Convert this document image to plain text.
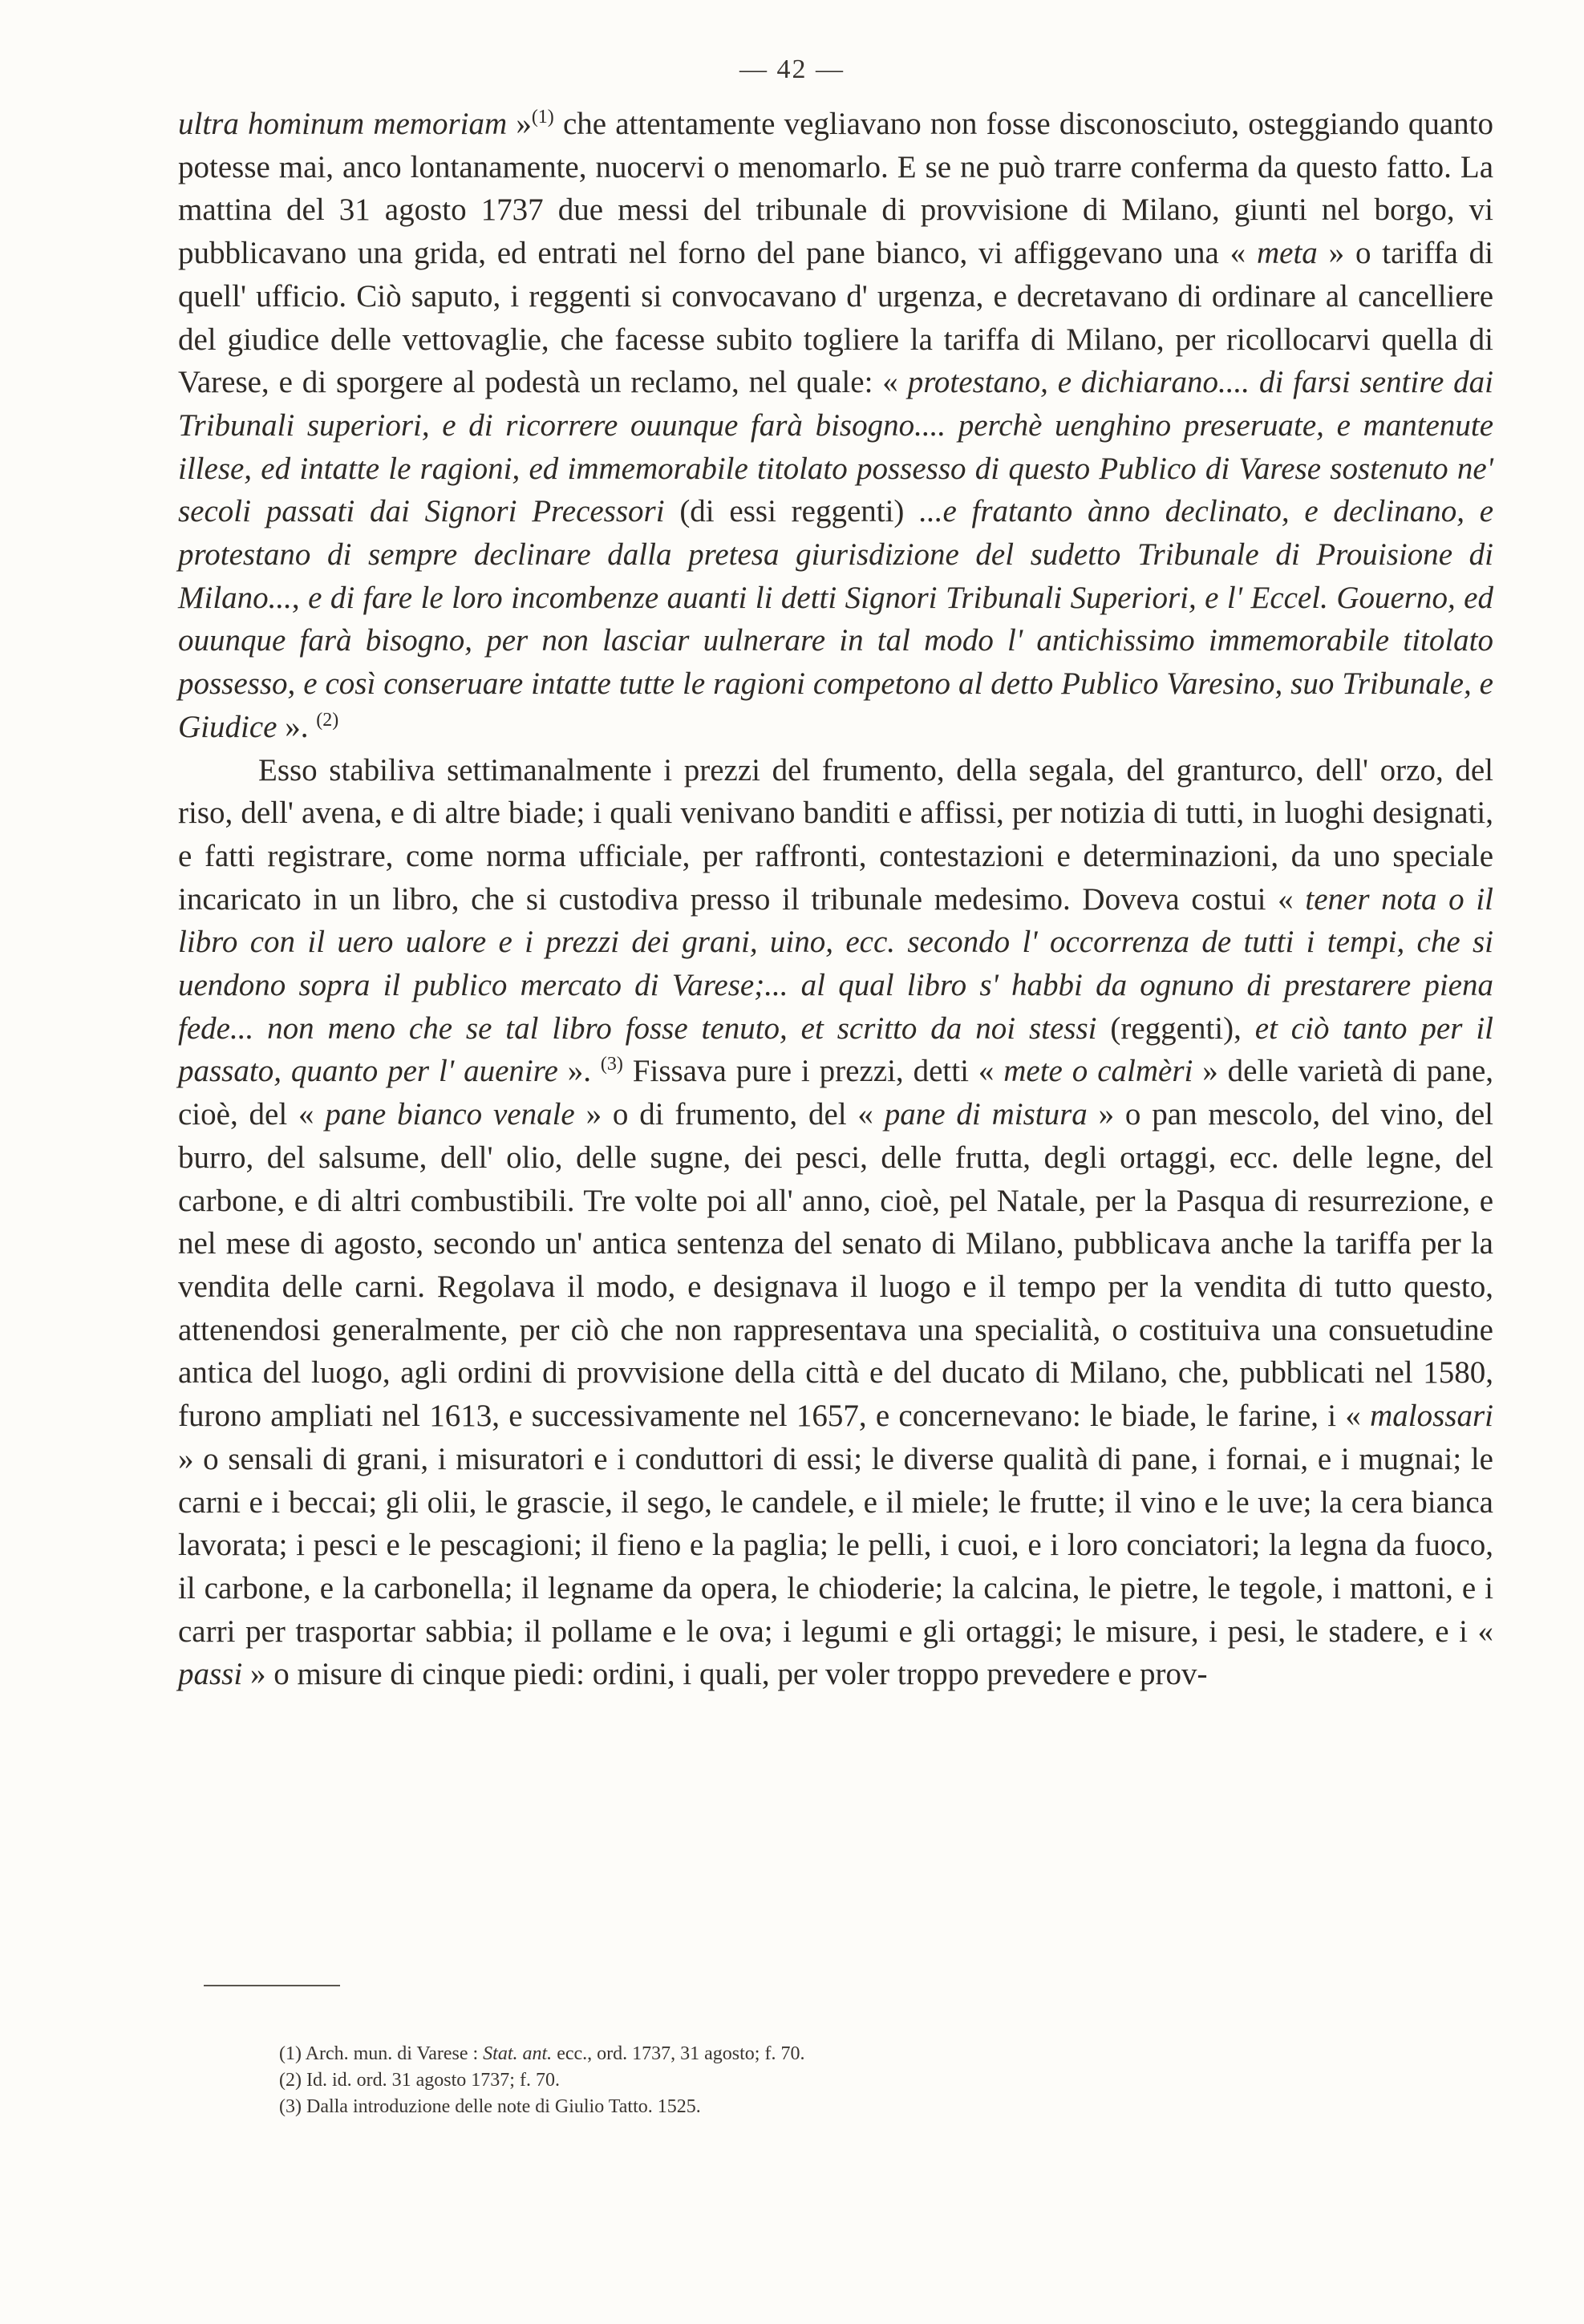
— 42 —

ultra hominum memoriam »$^{(1)}$ che attentamente vegliavano non fosse disconosciuto, osteggiando quanto potesse mai, anco lontanamente, nuocervi o menomarlo. E se ne può trarre conferma da questo fatto. La mattina del 31 agosto 1737 due messi del tribunale di provvisione di Milano, giunti nel borgo, vi pubblicavano una grida, ed entrati nel forno del pane bianco, vi affiggevano una « meta » o tariffa di quell' ufficio. Ciò saputo, i reggenti si convocavano d' urgenza, e decretavano di ordinare al cancelliere del giudice delle vettovaglie, che facesse subito togliere la tariffa di Milano, per ricollocarvi quella di Varese, e di sporgere al podestà un reclamo, nel quale: « protestano, e dichiarano.... di farsi sentire dai Tribunali superiori, e di ricorrere ouunque farà bisogno.... perchè uenghino preseruate, e mantenute illese, ed intatte le ragioni, ed immemorabile titolato possesso di questo Publico di Varese sostenuto ne' secoli passati dai Signori Precessori (di essi reggenti) ...e fratanto ànno declinato, e declinano, e protestano di sempre declinare dalla pretesa giurisdizione del sudetto Tribunale di Prouisione di Milano..., e di fare le loro incombenze auanti li detti Signori Tribunali Superiori, e l' Eccel. Gouerno, ed ouunque farà bisogno, per non lasciar uulnerare in tal modo l' antichissimo immemorabile titolato possesso, e così conseruare intatte tutte le ragioni competono al detto Publico Varesino, suo Tribunale, e Giudice ». $^{(2)}$

Esso stabiliva settimanalmente i prezzi del frumento, della segala, del granturco, dell' orzo, del riso, dell' avena, e di altre biade; i quali venivano banditi e affissi, per notizia di tutti, in luoghi designati, e fatti registrare, come norma ufficiale, per raffronti, contestazioni e determinazioni, da uno speciale incaricato in un libro, che si custodiva presso il tribunale medesimo. Doveva costui « tener nota o il libro con il uero ualore e i prezzi dei grani, uino, ecc. secondo l' occorrenza de tutti i tempi, che si uendono sopra il publico mercato di Varese;... al qual libro s' habbi da ognuno di prestarere piena fede... non meno che se tal libro fosse tenuto, et scritto da noi stessi (reggenti), et ciò tanto per il passato, quanto per l' auenire ». $^{(3)}$ Fissava pure i prezzi, detti « mete o calmèri » delle varietà di pane, cioè, del « pane bianco venale » o di frumento, del « pane di mistura » o pan mescolo, del vino, del burro, del salsume, dell' olio, delle sugne, dei pesci, delle frutta, degli ortaggi, ecc. delle legne, del carbone, e di altri combustibili. Tre volte poi all' anno, cioè, pel Natale, per la Pasqua di resurrezione, e nel mese di agosto, secondo un' antica sentenza del senato di Milano, pubblicava anche la tariffa per la vendita delle carni. Regolava il modo, e designava il luogo e il tempo per la vendita di tutto questo, attenendosi generalmente, per ciò che non rappresentava una specialità, o costituiva una consuetudine antica del luogo, agli ordini di provvisione della città e del ducato di Milano, che, pubblicati nel 1580, furono ampliati nel 1613, e successivamente nel 1657, e concernevano: le biade, le farine, i « malossari » o sensali di grani, i misuratori e i conduttori di essi; le diverse qualità di pane, i fornai, e i mugnai; le carni e i beccai; gli olii, le grascie, il sego, le candele, e il miele; le frutte; il vino e le uve; la cera bianca lavorata; i pesci e le pescagioni; il fieno e la paglia; le pelli, i cuoi, e i loro conciatori; la legna da fuoco, il carbone, e la carbonella; il legname da opera, le chioderie; la calcina, le pietre, le tegole, i mattoni, e i carri per trasportar sabbia; il pollame e le ova; i legumi e gli ortaggi; le misure, i pesi, le stadere, e i « passi » o misure di cinque piedi: ordini, i quali, per voler troppo prevedere e prov-

(1) Arch. mun. di Varese : Stat. ant. ecc., ord. 1737, 31 agosto; f. 70.

(2) Id. id. ord. 31 agosto 1737; f. 70.

(3) Dalla introduzione delle note di Giulio Tatto. 1525.
